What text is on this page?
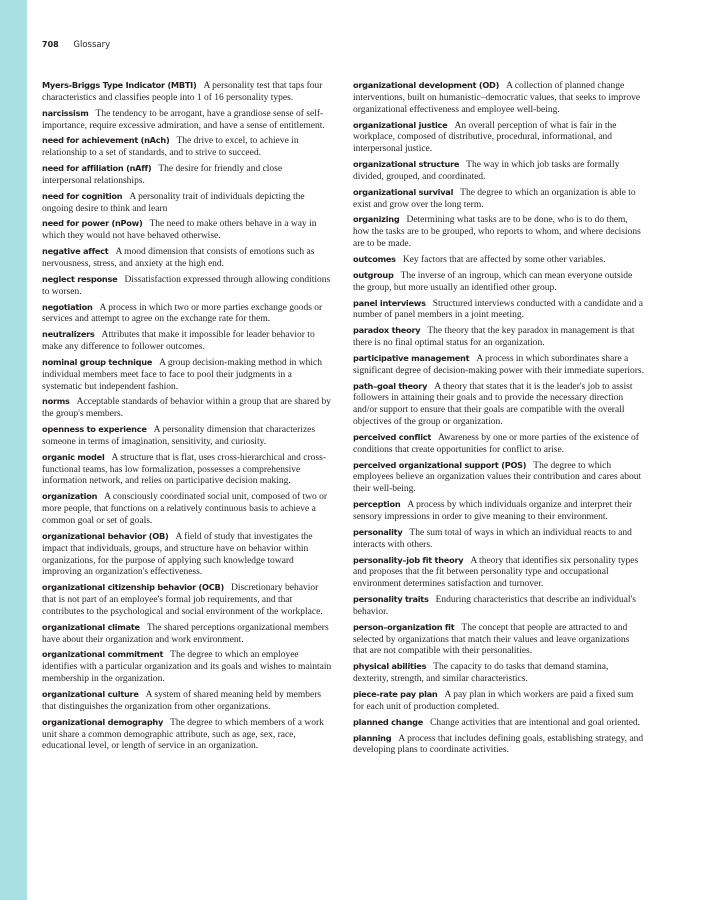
708 Glossary

Myers-Briggs Type Indicator (MBTI) A personality test that taps four characteristics and classifies people into 1 of 16 personality types.

narcissism The tendency to be arrogant, have a grandiose sense of self-importance, require excessive admiration, and have a sense of entitlement.

need for achievement (nAch) The drive to excel, to achieve in relationship to a set of standards, and to strive to succeed.

need for affiliation (nAff) The desire for friendly and close interpersonal relationships.

need for cognition A personality trait of individuals depicting the ongoing desire to think and learn

need for power (nPow) The need to make others behave in a way in which they would not have behaved otherwise.

negative affect A mood dimension that consists of emotions such as nervousness, stress, and anxiety at the high end.

neglect response Dissatisfaction expressed through allowing conditions to worsen.

negotiation A process in which two or more parties exchange goods or services and attempt to agree on the exchange rate for them.

neutralizers Attributes that make it impossible for leader behavior to make any difference to follower outcomes.

nominal group technique A group decision-making method in which individual members meet face to face to pool their judgments in a systematic but independent fashion.

norms Acceptable standards of behavior within a group that are shared by the group's members.

openness to experience A personality dimension that characterizes someone in terms of imagination, sensitivity, and curiosity.

organic model A structure that is flat, uses cross-hierarchical and cross-functional teams, has low formalization, possesses a comprehensive information network, and relies on participative decision making.

organization A consciously coordinated social unit, composed of two or more people, that functions on a relatively continuous basis to achieve a common goal or set of goals.

organizational behavior (OB) A field of study that investigates the impact that individuals, groups, and structure have on behavior within organizations, for the purpose of applying such knowledge toward improving an organization's effectiveness.

organizational citizenship behavior (OCB) Discretionary behavior that is not part of an employee's formal job requirements, and that contributes to the psychological and social environment of the workplace.

organizational climate The shared perceptions organizational members have about their organization and work environment.

organizational commitment The degree to which an employee identifies with a particular organization and its goals and wishes to maintain membership in the organization.

organizational culture A system of shared meaning held by members that distinguishes the organization from other organizations.

organizational demography The degree to which members of a work unit share a common demographic attribute, such as age, sex, race, educational level, or length of service in an organization.

organizational development (OD) A collection of planned change interventions, built on humanistic–democratic values, that seeks to improve organizational effectiveness and employee well-being.

organizational justice An overall perception of what is fair in the workplace, composed of distributive, procedural, informational, and interpersonal justice.

organizational structure The way in which job tasks are formally divided, grouped, and coordinated.

organizational survival The degree to which an organization is able to exist and grow over the long term.

organizing Determining what tasks are to be done, who is to do them, how the tasks are to be grouped, who reports to whom, and where decisions are to be made.

outcomes Key factors that are affected by some other variables.

outgroup The inverse of an ingroup, which can mean everyone outside the group, but more usually an identified other group.

panel interviews Structured interviews conducted with a candidate and a number of panel members in a joint meeting.

paradox theory The theory that the key paradox in management is that there is no final optimal status for an organization.

participative management A process in which subordinates share a significant degree of decision-making power with their immediate superiors.

path–goal theory A theory that states that it is the leader's job to assist followers in attaining their goals and to provide the necessary direction and/or support to ensure that their goals are compatible with the overall objectives of the group or organization.

perceived conflict Awareness by one or more parties of the existence of conditions that create opportunities for conflict to arise.

perceived organizational support (POS) The degree to which employees believe an organization values their contribution and cares about their well-being.

perception A process by which individuals organize and interpret their sensory impressions in order to give meaning to their environment.

personality The sum total of ways in which an individual reacts to and interacts with others.

personality–job fit theory A theory that identifies six personality types and proposes that the fit between personality type and occupational environment determines satisfaction and turnover.

personality traits Enduring characteristics that describe an individual's behavior.

person–organization fit The concept that people are attracted to and selected by organizations that match their values and leave organizations that are not compatible with their personalities.

physical abilities The capacity to do tasks that demand stamina, dexterity, strength, and similar characteristics.

piece-rate pay plan A pay plan in which workers are paid a fixed sum for each unit of production completed.

planned change Change activities that are intentional and goal oriented.

planning A process that includes defining goals, establishing strategy, and developing plans to coordinate activities.
